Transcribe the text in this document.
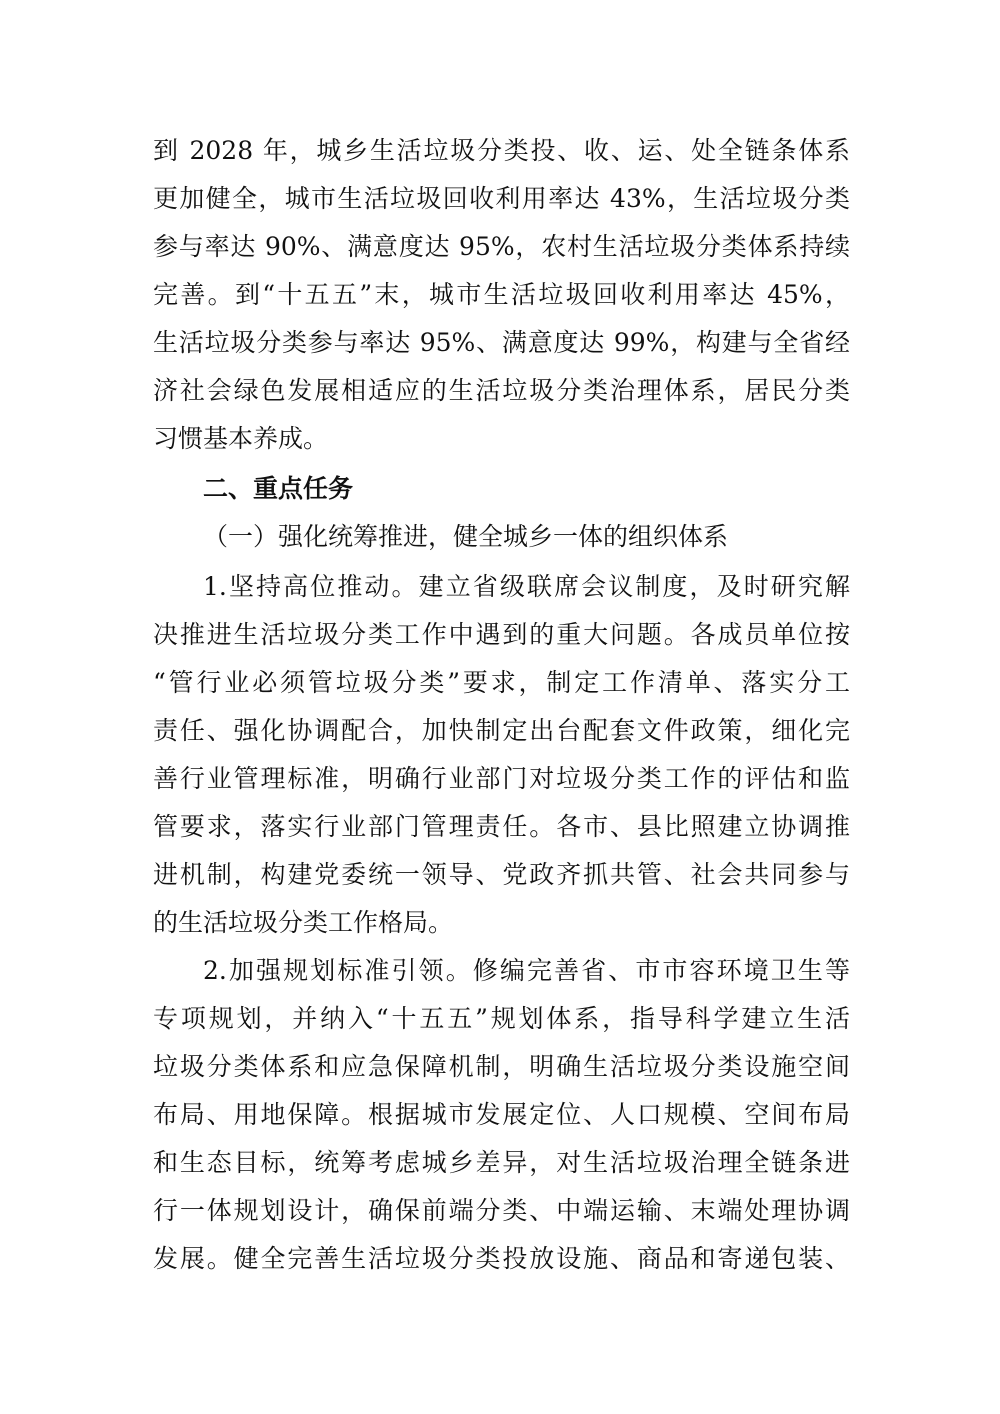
到 2028 年，城乡生活垃圾分类投、收、运、处全链条体系
更加健全，城市生活垃圾回收利用率达 43%，生活垃圾分类
参与率达 90%、满意度达 95%，农村生活垃圾分类体系持续
完善。到“十五五”末，城市生活垃圾回收利用率达 45%，
生活垃圾分类参与率达 95%、满意度达 99%，构建与全省经
济社会绿色发展相适应的生活垃圾分类治理体系，居民分类
习惯基本养成。
二、重点任务
（一）强化统筹推进，健全城乡一体的组织体系
1.坚持高位推动。建立省级联席会议制度，及时研究解
决推进生活垃圾分类工作中遇到的重大问题。各成员单位按
“管行业必须管垃圾分类”要求，制定工作清单、落实分工
责任、强化协调配合，加快制定出台配套文件政策，细化完
善行业管理标准，明确行业部门对垃圾分类工作的评估和监
管要求，落实行业部门管理责任。各市、县比照建立协调推
进机制，构建党委统一领导、党政齐抓共管、社会共同参与
的生活垃圾分类工作格局。
2.加强规划标准引领。修编完善省、市市容环境卫生等
专项规划，并纳入“十五五”规划体系，指导科学建立生活
垃圾分类体系和应急保障机制，明确生活垃圾分类设施空间
布局、用地保障。根据城市发展定位、人口规模、空间布局
和生态目标，统筹考虑城乡差异，对生活垃圾治理全链条进
行一体规划设计，确保前端分类、中端运输、末端处理协调
发展。健全完善生活垃圾分类投放设施、商品和寄递包装、
